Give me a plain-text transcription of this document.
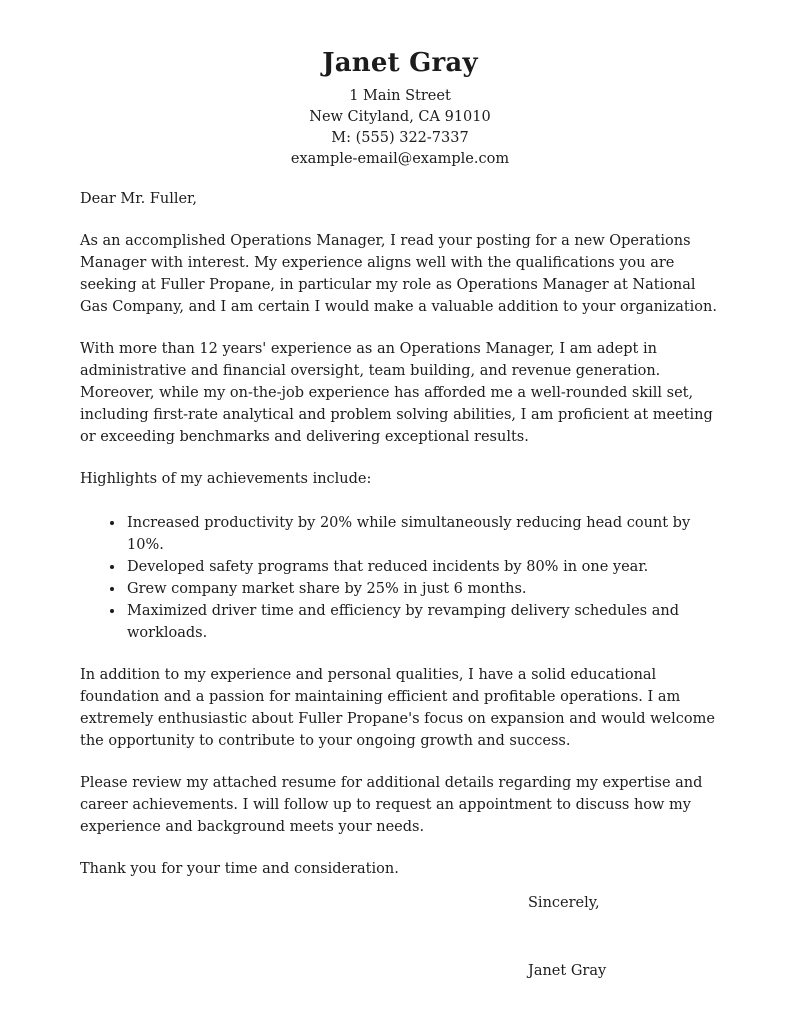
Janet Gray
1 Main Street
New Cityland, CA 91010
M: (555) 322-7337
example-email@example.com
Dear Mr. Fuller,

As an accomplished Operations Manager, I read your posting for a new Operations Manager with interest. My experience aligns well with the qualifications you are seeking at Fuller Propane, in particular my role as Operations Manager at National Gas Company, and I am certain I would make a valuable addition to your organization.

With more than 12 years' experience as an Operations Manager, I am adept in administrative and financial oversight, team building, and revenue generation. Moreover, while my on-the-job experience has afforded me a well-rounded skill set, including first-rate analytical and problem solving abilities, I am proficient at meeting or exceeding benchmarks and delivering exceptional results.

Highlights of my achievements include:

• Increased productivity by 20% while simultaneously reducing head count by 10%.
• Developed safety programs that reduced incidents by 80% in one year.
• Grew company market share by 25% in just 6 months.
• Maximized driver time and efficiency by revamping delivery schedules and workloads.

In addition to my experience and personal qualities, I have a solid educational foundation and a passion for maintaining efficient and profitable operations. I am extremely enthusiastic about Fuller Propane's focus on expansion and would welcome the opportunity to contribute to your ongoing growth and success.

Please review my attached resume for additional details regarding my expertise and career achievements. I will follow up to request an appointment to discuss how my experience and background meets your needs.

Thank you for your time and consideration.

Sincerely,

Janet Gray
